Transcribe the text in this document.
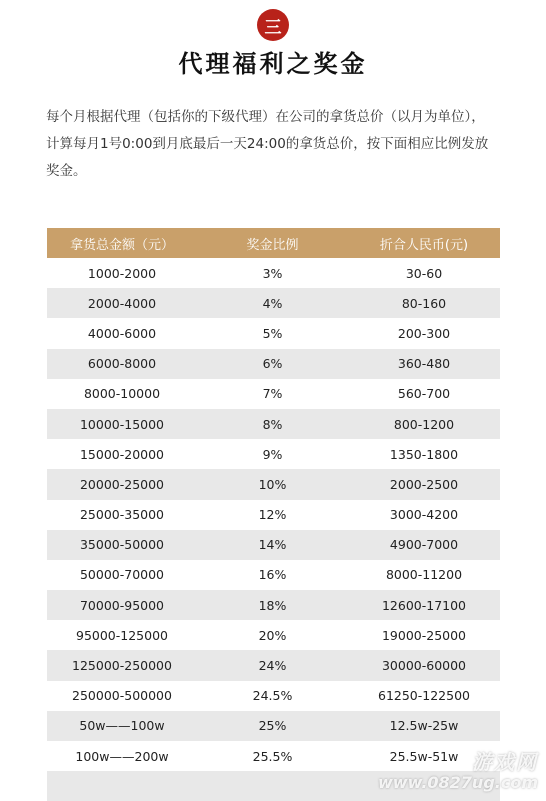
三
代理福利之奖金

每个月根据代理（包括你的下级代理）在公司的拿货总价（以月为单位），

计算每月1号0:00到月底最后一天24:00的拿货总价，按下面相应比例发放

奖金。

拿货总金额（元）	奖金比例	折合人民币(元)
1000-2000	3%	30-60
2000-4000	4%	80-160
4000-6000	5%	200-300
6000-8000	6%	360-480
8000-10000	7%	560-700
10000-15000	8%	800-1200
15000-20000	9%	1350-1800
20000-25000	10%	2000-2500
25000-35000	12%	3000-4200
35000-50000	14%	4900-7000
50000-70000	16%	8000-11200
70000-95000	18%	12600-17100
95000-125000	20%	19000-25000
125000-250000	24%	30000-60000
250000-500000	24.5%	61250-122500
50w——100w	25%	12.5w-25w
100w——200w	25.5%	25.5w-51w
		游戏网
www.0827ug.com
